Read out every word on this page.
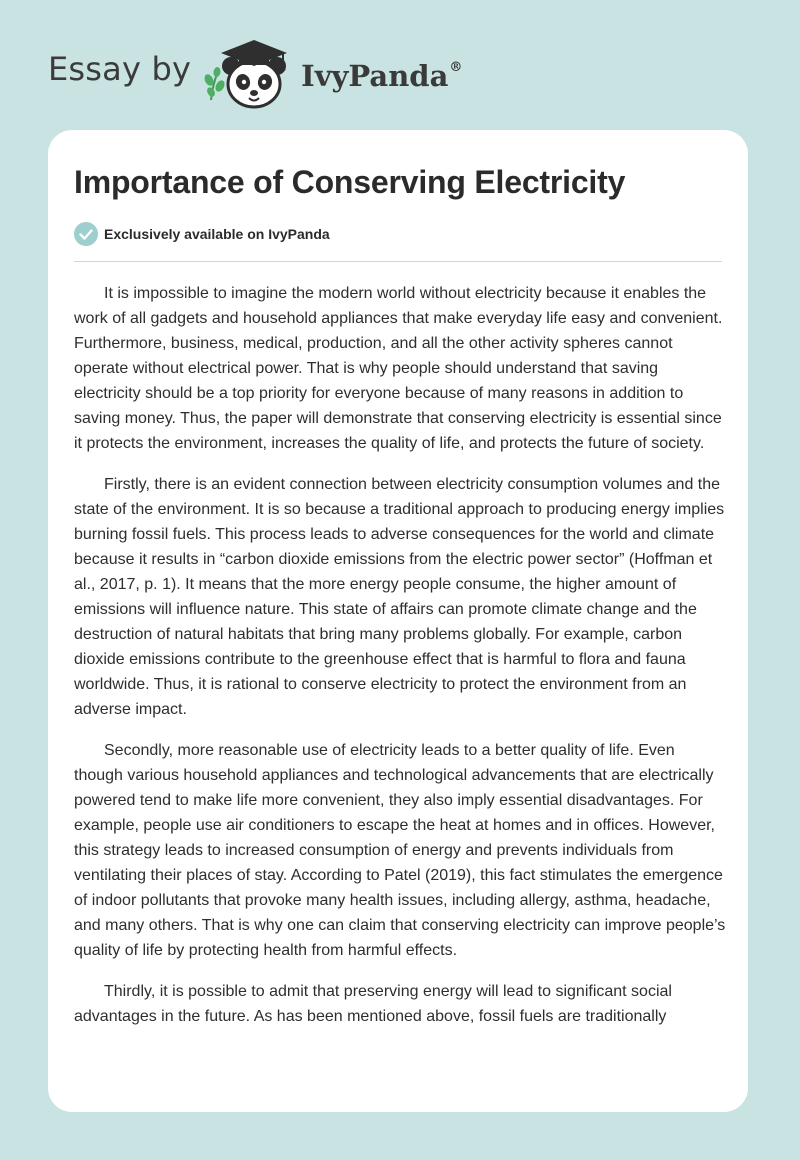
Essay by	IvyPanda®
Importance of Conserving Electricity
Exclusively available on IvyPanda

It is impossible to imagine the modern world without electricity because it enables the work of all gadgets and household appliances that make everyday life easy and convenient. Furthermore, business, medical, production, and all the other activity spheres cannot operate without electrical power. That is why people should understand that saving electricity should be a top priority for everyone because of many reasons in addition to saving money. Thus, the paper will demonstrate that conserving electricity is essential since it protects the environment, increases the quality of life, and protects the future of society.

Firstly, there is an evident connection between electricity consumption volumes and the state of the environment. It is so because a traditional approach to producing energy implies burning fossil fuels. This process leads to adverse consequences for the world and climate because it results in “carbon dioxide emissions from the electric power sector” (Hoffman et al., 2017, p. 1). It means that the more energy people consume, the higher amount of emissions will influence nature. This state of affairs can promote climate change and the destruction of natural habitats that bring many problems globally. For example, carbon dioxide emissions contribute to the greenhouse effect that is harmful to flora and fauna worldwide. Thus, it is rational to conserve electricity to protect the environment from an adverse impact.

Secondly, more reasonable use of electricity leads to a better quality of life. Even though various household appliances and technological advancements that are electrically powered tend to make life more convenient, they also imply essential disadvantages. For example, people use air conditioners to escape the heat at homes and in offices. However, this strategy leads to increased consumption of energy and prevents individuals from ventilating their places of stay. According to Patel (2019), this fact stimulates the emergence of indoor pollutants that provoke many health issues, including allergy, asthma, headache, and many others. That is why one can claim that conserving electricity can improve people’s quality of life by protecting health from harmful effects.

Thirdly, it is possible to admit that preserving energy will lead to significant social advantages in the future. As has been mentioned above, fossil fuels are traditionally
